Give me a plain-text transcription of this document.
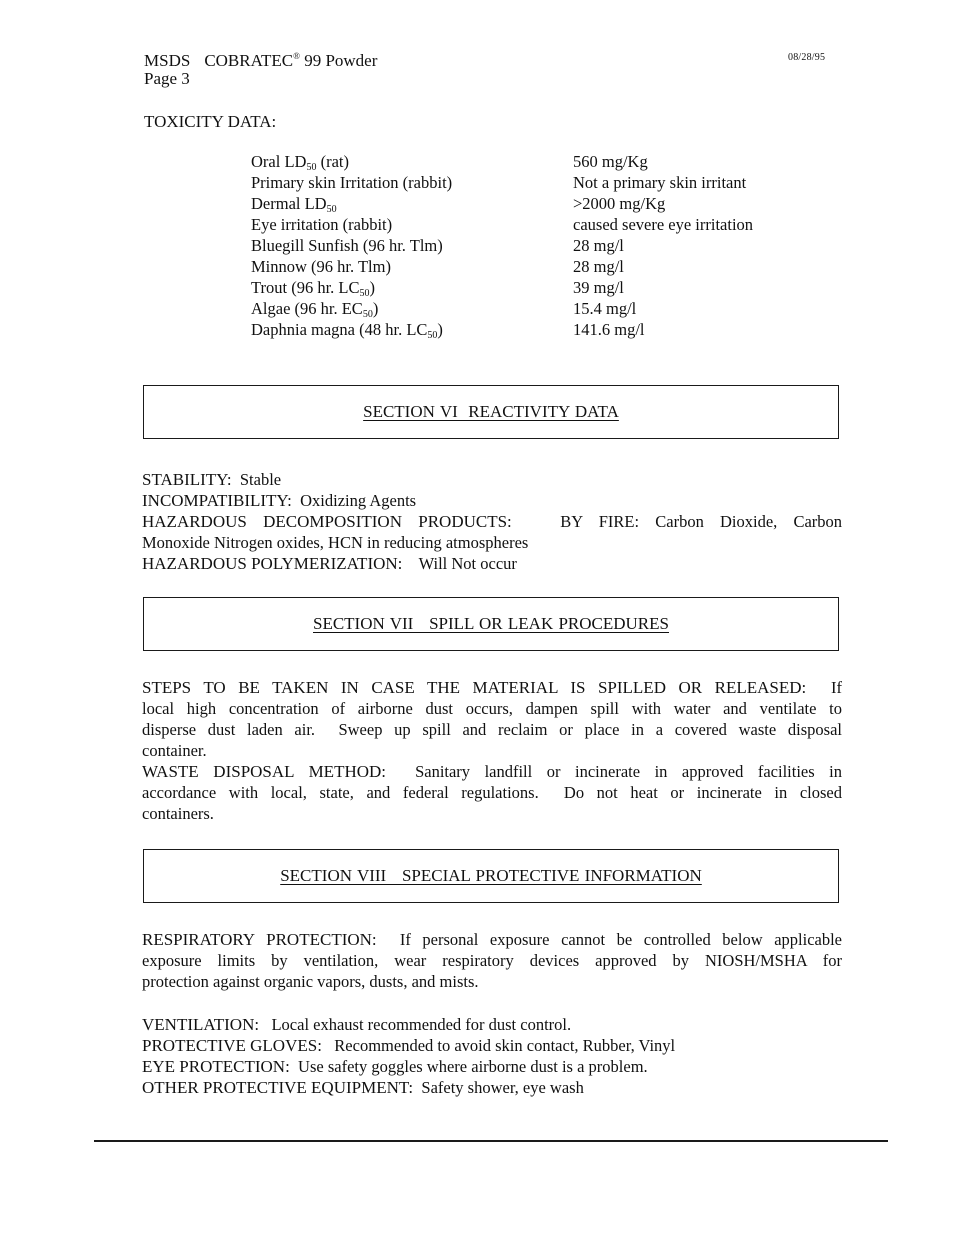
MSDS COBRATEC® 99 Powder
Page 3
08/28/95
TOXICITY DATA:
Oral $LD_{50}$ (rat)	560 mg/Kg
Primary skin Irritation (rabbit)	Not a primary skin irritant
Dermal $LD_{50}$	>2000 mg/Kg
Eye irritation (rabbit)	caused severe eye irritation
Bluegill Sunfish (96 hr. Tlm)	28 mg/l
Minnow (96 hr. Tlm)	28 mg/l
Trout (96 hr. $LC_{50}$)	39 mg/l
Algae (96 hr. $EC_{50}$)	15.4 mg/l
Daphnia magna (48 hr. $LC_{50}$)	141.6 mg/l
SECTION VI  REACTIVITY DATA
STABILITY: Stable
INCOMPATIBILITY: Oxidizing Agents
HAZARDOUS DECOMPOSITION PRODUCTS:	BY FIRE: Carbon Dioxide, Carbon
Monoxide Nitrogen oxides, HCN in reducing atmospheres
HAZARDOUS POLYMERIZATION: Will Not occur
SECTION VII   SPILL OR LEAK PROCEDURES
STEPS TO BE TAKEN IN CASE THE MATERIAL IS SPILLED OR RELEASED: If
local high concentration of airborne dust occurs, dampen spill with water and ventilate to
disperse dust laden air.  Sweep up spill and reclaim or place in a covered waste disposal
container.
WASTE DISPOSAL METHOD: Sanitary landfill or incinerate in approved facilities in
accordance with local, state, and federal regulations.  Do not heat or incinerate in closed
containers.
SECTION VIII   SPECIAL PROTECTIVE INFORMATION
RESPIRATORY PROTECTION: If personal exposure cannot be controlled below applicable
exposure limits by ventilation, wear respiratory devices approved by NIOSH/MSHA for
protection against organic vapors, dusts, and mists.
VENTILATION: Local exhaust recommended for dust control.
PROTECTIVE GLOVES: Recommended to avoid skin contact, Rubber, Vinyl
EYE PROTECTION: Use safety goggles where airborne dust is a problem.
OTHER PROTECTIVE EQUIPMENT: Safety shower, eye wash
